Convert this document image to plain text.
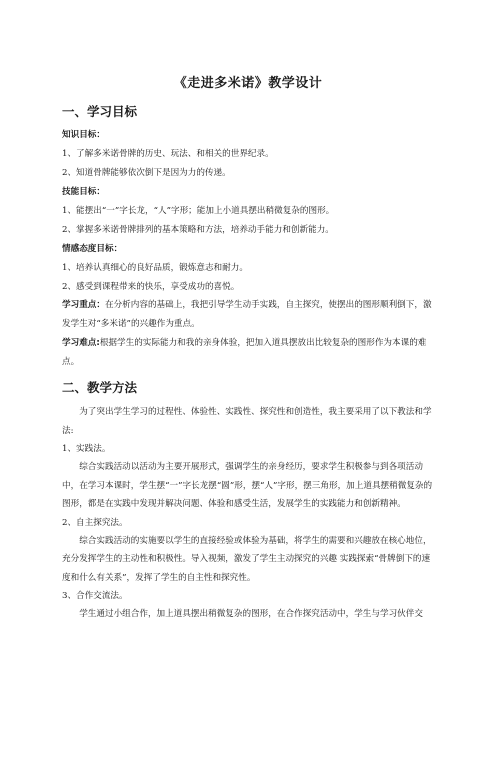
《走进多米诺》教学设计
一、学习目标
知识目标：
1、了解多米诺骨牌的历史、玩法、和相关的世界纪录。
2、知道骨牌能够依次倒下是因为力的传递。
技能目标：
1、能摆出“一”字长龙，“人”字形；能加上小道具摆出稍微复杂的图形。
2、掌握多米诺骨牌排列的基本策略和方法，培养动手能力和创新能力。
情感态度目标：
1、培养认真细心的良好品质，锻炼意志和耐力。
2、感受到课程带来的快乐，享受成功的喜悦。

学习重点：在分析内容的基础上，我把引导学生动手实践，自主探究，使摆出的图形顺利倒下，激发学生对“多米诺”的兴趣作为重点。

学习难点:根据学生的实际能力和我的亲身体验，把加入道具摆放出比较复杂的图形作为本课的难点。

二、教学方法

为了突出学生学习的过程性、体验性、实践性、探究性和创造性，我主要采用了以下教法和学法:

1、实践法。

综合实践活动以活动为主要开展形式，强调学生的亲身经历，要求学生积极参与到各项活动中，在学习本课时，学生摆“一”字长龙摆“圆”形，摆“人”字形，摆三角形，加上道具摆稍微复杂的图形，都是在实践中发现并解决问题、体验和感受生活，发展学生的实践能力和创新精神。

2、自主探究法。

综合实践活动的实施要以学生的直接经验或体验为基础，将学生的需要和兴趣放在核心地位，充分发挥学生的主动性和积极性。导入视频，激发了学生主动探究的兴趣 实践探索“骨牌倒下的速度和什么有关系”，发挥了学生的自主性和探究性。

3、合作交流法。

学生通过小组合作，加上道具摆出稍微复杂的图形，在合作探究活动中，学生与学习伙伴交
